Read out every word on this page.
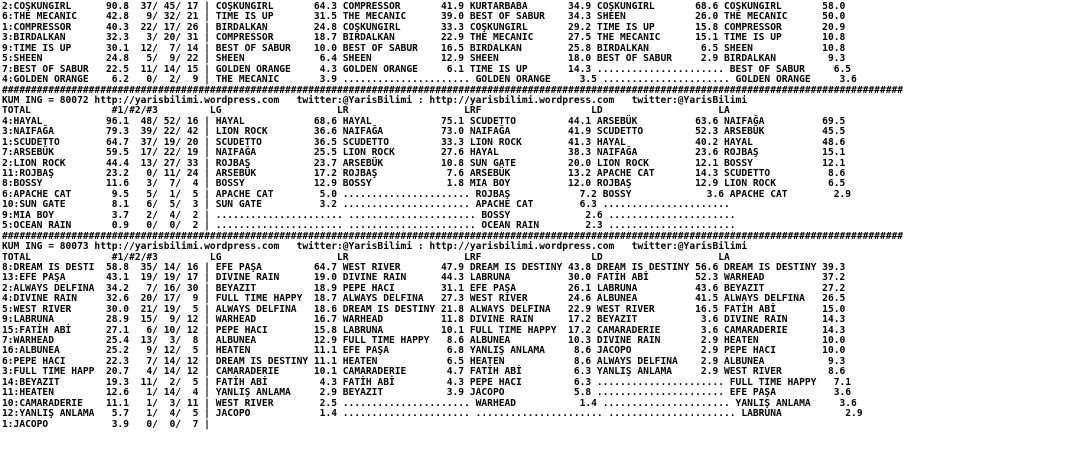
2:COŞKUNGIRL      90.8  37/ 45/ 17 | COŞKUNGIRL       64.3 COMPRESSOR       41.9 KURTARBABA       34.9 COŞKUNGIRL       68.6 COŞKUNGIRL       58.0
6:THE MECANIC     42.8   9/ 32/ 21 | TIME IS UP       31.5 THE MECANIC      39.0 BEST OF SABUR    34.3 SHEEN            26.0 THE MECANIC      50.0
1:COMPRESSOR      40.3  22/ 17/ 26 | BIRDALKAN        24.8 COŞKUNGIRL       33.3 COŞKUNGIRL       29.2 TIME IS UP       15.8 COMPRESSOR       20.9
3:BIRDALKAN       32.3   3/ 20/ 31 | COMPRESSOR       18.7 BIRDALKAN        22.9 THE MECANIC      27.5 THE MECANIC      15.1 TIME IS UP       10.8
9:TIME IS UP      30.1  12/  7/ 14 | BEST OF SABUR    10.0 BEST OF SABUR    16.5 BIRDALKAN        25.8 BIRDALKAN         6.5 SHEEN            10.8
5:SHEEN           24.8   5/  9/ 22 | SHEEN             6.4 SHEEN            12.9 SHEEN            18.0 BEST OF SABUR     2.9 BIRDALKAN         9.3
7:BEST OF SABUR   22.5  11/ 14/ 15 | GOLDEN ORANGE     4.3 GOLDEN ORANGE     6.1 TIME IS UP       14.3 ...................... BEST OF SABUR     6.5
4:GOLDEN ORANGE    6.2   0/  2/  9 | THE MECANIC       3.9 ...................... GOLDEN ORANGE     3.5 ...................... GOLDEN ORANGE     3.6
############################################################################################################################################################
KUM ING = 80072 http://yarisbilimi.wordpress.com   twitter:@YarisBilimi : http://yarisbilimi.wordpress.com   twitter:@YarisBilimi
TOTAL              #1/#2/#3         LG                    LR                    LRF                   LD                    LA
4:HAYAL           96.1  48/ 52/ 16 | HAYAL            68.6 HAYAL            75.1 SCUDETTO         44.1 ARSEBÜK          63.6 NAIFAĞA          69.5
3:NAIFAĞA         79.3  39/ 22/ 42 | LION ROCK        36.6 NAIFAĞA          73.0 NAIFAĞA          41.9 SCUDETTO         52.3 ARSEBÜK          45.5
1:SCUDETTO        64.7  37/ 19/ 20 | SCUDETTO         36.5 SCUDETTO         33.3 LION ROCK        41.3 HAYAL            40.2 HAYAL            48.6
7:ARSEBÜK         59.5  17/ 22/ 19 | NAIFAĞA          25.5 LION ROCK        27.6 HAYAL            38.3 NAIFAĞA          23.6 ROJBAŞ           15.1
2:LION ROCK       44.4  13/ 27/ 33 | ROJBAŞ           23.7 ARSEBÜK          10.8 SUN GATE         20.0 LION ROCK        12.1 BOSSY            12.1
11:ROJBAŞ         23.2   0/ 11/ 24 | ARSEBÜK          17.2 ROJBAŞ            7.6 ARSEBÜK          13.2 APACHE CAT       14.3 SCUDETTO          8.6
8:BOSSY           11.6   3/  7/  4 | BOSSY            12.9 BOSSY             1.8 MIA BOY          12.0 ROJBAŞ           12.9 LION ROCK         6.5
6:APACHE CAT       9.5   5/  1/  5 | APACHE CAT        5.0 ...................... ROJBAŞ            7.2 BOSSY             3.6 APACHE CAT        2.9
10:SUN GATE        8.1   6/  5/  3 | SUN GATE          3.2 ...................... APACHE CAT        6.3 ......................
9:MIA BOY          3.7   2/  4/  2 | ...................... ...................... BOSSY             2.6 ......................
5:OCEAN RAIN       0.9   0/  0/  2 | ...................... ...................... OCEAN RAIN        2.3 ......................
############################################################################################################################################################
KUM ING = 80073 http://yarisbilimi.wordpress.com   twitter:@YarisBilimi : http://yarisbilimi.wordpress.com   twitter:@YarisBilimi
TOTAL              #1/#2/#3         LG                    LR                    LRF                   LD                    LA
8:DREAM IS DESTI  58.8  35/ 14/ 16 | EFE PAŞA         64.7 WEST RIVER       47.9 DREAM IS DESTINY 43.8 DREAM IS DESTINY 56.6 DREAM IS DESTINY 39.3
13:EFE PAŞA       43.1  19/ 19/ 17 | DIVINE RAIN      19.0 DIVINE RAIN      44.3 LABRUNA          30.0 FATİH ABİ        52.3 WARHEAD          37.2
2:ALWAYS DELFINA  34.2   7/ 16/ 30 | BEYAZIT          18.9 PEPE HACI        31.1 EFE PAŞA         26.1 LABRUNA          43.6 BEYAZIT          27.2
4:DIVINE RAIN     32.6  20/ 17/  9 | FULL TIME HAPPY  18.7 ALWAYS DELFINA   27.3 WEST RIVER       24.6 ALBUNEA          41.5 ALWAYS DELFINA   26.5
5:WEST RIVER      30.0  21/ 19/  5 | ALWAYS DELFINA   18.6 DREAM IS DESTINY 21.8 ALWAYS DELFINA   22.9 WEST RIVER       16.5 FATİH ABİ        15.0
9:LABRUNA         28.9  15/  9/ 12 | WARHEAD          16.7 WARHEAD          11.8 DIVINE RAIN      17.2 BEYAZIT           3.6 DIVINE RAIN      14.3
15:FATİH ABİ      27.1   6/ 10/ 12 | PEPE HACI        15.8 LABRUNA          10.1 FULL TIME HAPPY  17.2 CAMARADERIE       3.6 CAMARADERIE      14.3
7:WARHEAD         25.4  13/  3/  8 | ALBUNEA          12.9 FULL TIME HAPPY   8.6 ALBUNEA          10.3 DIVINE RAIN       2.9 HEATEN           10.0
16:ALBUNEA        25.2   9/ 12/  5 | HEATEN           11.1 EFE PAŞA          6.8 YANLIŞ ANLAMA     8.6 JACOPO            2.9 PEPE HACI        10.0
6:PEPE HACI       22.3   7/ 14/ 12 | DREAM IS DESTINY 11.1 HEATEN            6.5 HEATEN            8.6 ALWAYS DELFINA    2.9 ALBUNEA           9.3
3:FULL TIME HAPP  20.7   4/ 14/ 12 | CAMARADERIE      10.1 CAMARADERIE       4.7 FATİH ABİ         6.3 YANLIŞ ANLAMA     2.9 WEST RIVER        8.6
14:BEYAZIT        19.3  11/  2/  5 | FATİH ABİ         4.3 FATİH ABİ         4.3 PEPE HACI         6.3 ...................... FULL TIME HAPPY   7.1
11:HEATEN         12.6   1/ 14/  4 | YANLIŞ ANLAMA     2.9 BEYAZIT           3.9 JACOPO            5.8 ...................... EFE PAŞA          3.6
10:CAMARADERIE    11.1   1/  3/ 11 | WEST RIVER        2.5 ...................... WARHEAD           1.4 ...................... YANLIŞ ANLAMA     3.6
12:YANLIŞ ANLAMA   5.7   1/  4/  5 | JACOPO            1.4 ...................... ...................... ...................... LABRUNA           2.9
1:JACOPO           3.9   0/  0/  7 |
